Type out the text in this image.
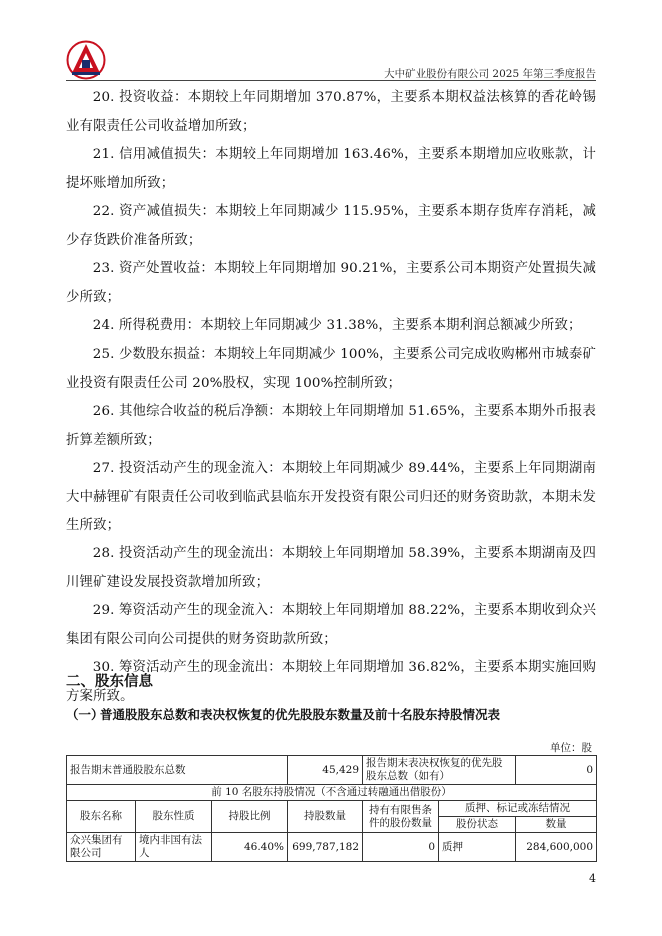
大中矿业股份有限公司 2025 年第三季度报告
20. 投资收益：本期较上年同期增加 370.87%，主要系本期权益法核算的香花岭锡业有限责任公司收益增加所致；
21. 信用减值损失：本期较上年同期增加 163.46%，主要系本期增加应收账款，计提坏账增加所致；
22. 资产减值损失：本期较上年同期减少 115.95%，主要系本期存货库存消耗，减少存货跌价准备所致；
23. 资产处置收益：本期较上年同期增加 90.21%，主要系公司本期资产处置损失减少所致；
24. 所得税费用：本期较上年同期减少 31.38%，主要系本期利润总额减少所致；
25. 少数股东损益：本期较上年同期减少 100%，主要系公司完成收购郴州市城泰矿业投资有限责任公司 20%股权，实现 100%控制所致；
26. 其他综合收益的税后净额：本期较上年同期增加 51.65%，主要系本期外币报表折算差额所致；
27. 投资活动产生的现金流入：本期较上年同期减少 89.44%，主要系上年同期湖南大中赫锂矿有限责任公司收到临武县临东开发投资有限公司归还的财务资助款，本期未发生所致；
28. 投资活动产生的现金流出：本期较上年同期增加 58.39%，主要系本期湖南及四川锂矿建设发展投资款增加所致；
29. 筹资活动产生的现金流入：本期较上年同期增加 88.22%，主要系本期收到众兴集团有限公司向公司提供的财务资助款所致；
30. 筹资活动产生的现金流出：本期较上年同期增加 36.82%，主要系本期实施回购方案所致。
二、股东信息
（一）普通股股东总数和表决权恢复的优先股股东数量及前十名股东持股情况表
单位：股
报告期末普通股股东总数			45,429	报告期末表决权恢复的优先股股东总数（如有）		0
前 10 名股东持股情况（不含通过转融通出借股份）						
股东名称	股东性质	持股比例	持股数量	持有有限售条件的股份数量	质押、标记或冻结情况	
					股份状态	数量
众兴集团有限公司	境内非国有法人	46.40%	699,787,182	0	质押	284,600,000
4
